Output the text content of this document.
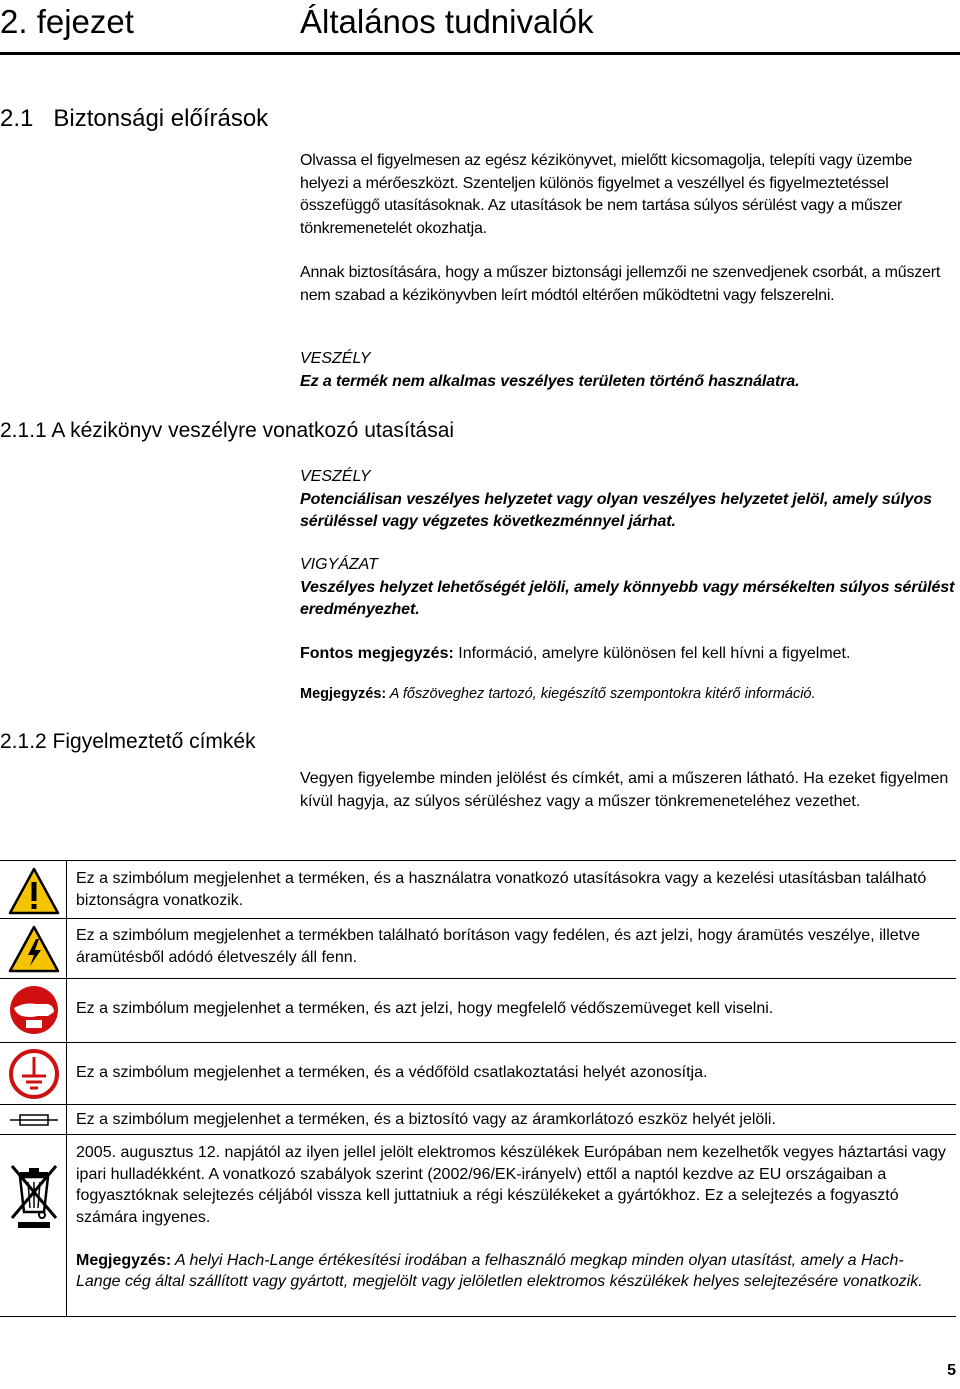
2. fejezet	Általános tudnivalók
2.1 Biztonsági előírások
Olvassa el figyelmesen az egész kézikönyvet, mielőtt kicsomagolja, telepíti vagy üzembe helyezi a mérőeszközt. Szenteljen különös figyelmet a veszéllyel és figyelmeztetéssel összefüggő utasításoknak. Az utasítások be nem tartása súlyos sérülést vagy a műszer tönkremenetelét okozhatja.
Annak biztosítására, hogy a műszer biztonsági jellemzői ne szenvedjenek csorbát, a műszert nem szabad a kézikönyvben leírt módtól eltérően működtetni vagy felszerelni.
VESZÉLY
Ez a termék nem alkalmas veszélyes területen történő használatra.
2.1.1 A kézikönyv veszélyre vonatkozó utasításai
VESZÉLY
Potenciálisan veszélyes helyzetet vagy olyan veszélyes helyzetet jelöl, amely súlyos sérüléssel vagy végzetes következménnyel járhat.
VIGYÁZAT
Veszélyes helyzet lehetőségét jelöli, amely könnyebb vagy mérsékelten súlyos sérülést eredményezhet.
Fontos megjegyzés: Információ, amelyre különösen fel kell hívni a figyelmet.
Megjegyzés: A főszöveghez tartozó, kiegészítő szempontokra kitérő információ.
2.1.2 Figyelmeztető címkék
Vegyen figyelembe minden jelölést és címkét, ami a műszeren látható. Ha ezeket figyelmen kívül hagyja, az súlyos sérüléshez vagy a műszer tönkremeneteléhez vezethet.
Ez a szimbólum megjelenhet a terméken, és a használatra vonatkozó utasításokra vagy a kezelési utasításban található biztonságra vonatkozik.
Ez a szimbólum megjelenhet a termékben található borításon vagy fedélen, és azt jelzi, hogy áramütés veszélye, illetve áramütésből adódó életveszély áll fenn.
Ez a szimbólum megjelenhet a terméken, és azt jelzi, hogy megfelelő védőszemüveget kell viselni.
Ez a szimbólum megjelenhet a terméken, és a védőföld csatlakoztatási helyét azonosítja.
Ez a szimbólum megjelenhet a terméken, és a biztosító vagy az áramkorlátozó eszköz helyét jelöli.
2005. augusztus 12. napjától az ilyen jellel jelölt elektromos készülékek Európában nem kezelhetők vegyes háztartási vagy ipari hulladékként. A vonatkozó szabályok szerint (2002/96/EK-irányelv) ettől a naptól kezdve az EU országaiban a fogyasztóknak selejtezés céljából vissza kell juttatniuk a régi készülékeket a gyártókhoz. Ez a selejtezés a fogyasztó számára ingyenes.
Megjegyzés: A helyi Hach-Lange értékesítési irodában a felhasználó megkap minden olyan utasítást, amely a Hach-Lange cég által szállított vagy gyártott, megjelölt vagy jelöletlen elektromos készülékek helyes selejtezésére vonatkozik.
5
